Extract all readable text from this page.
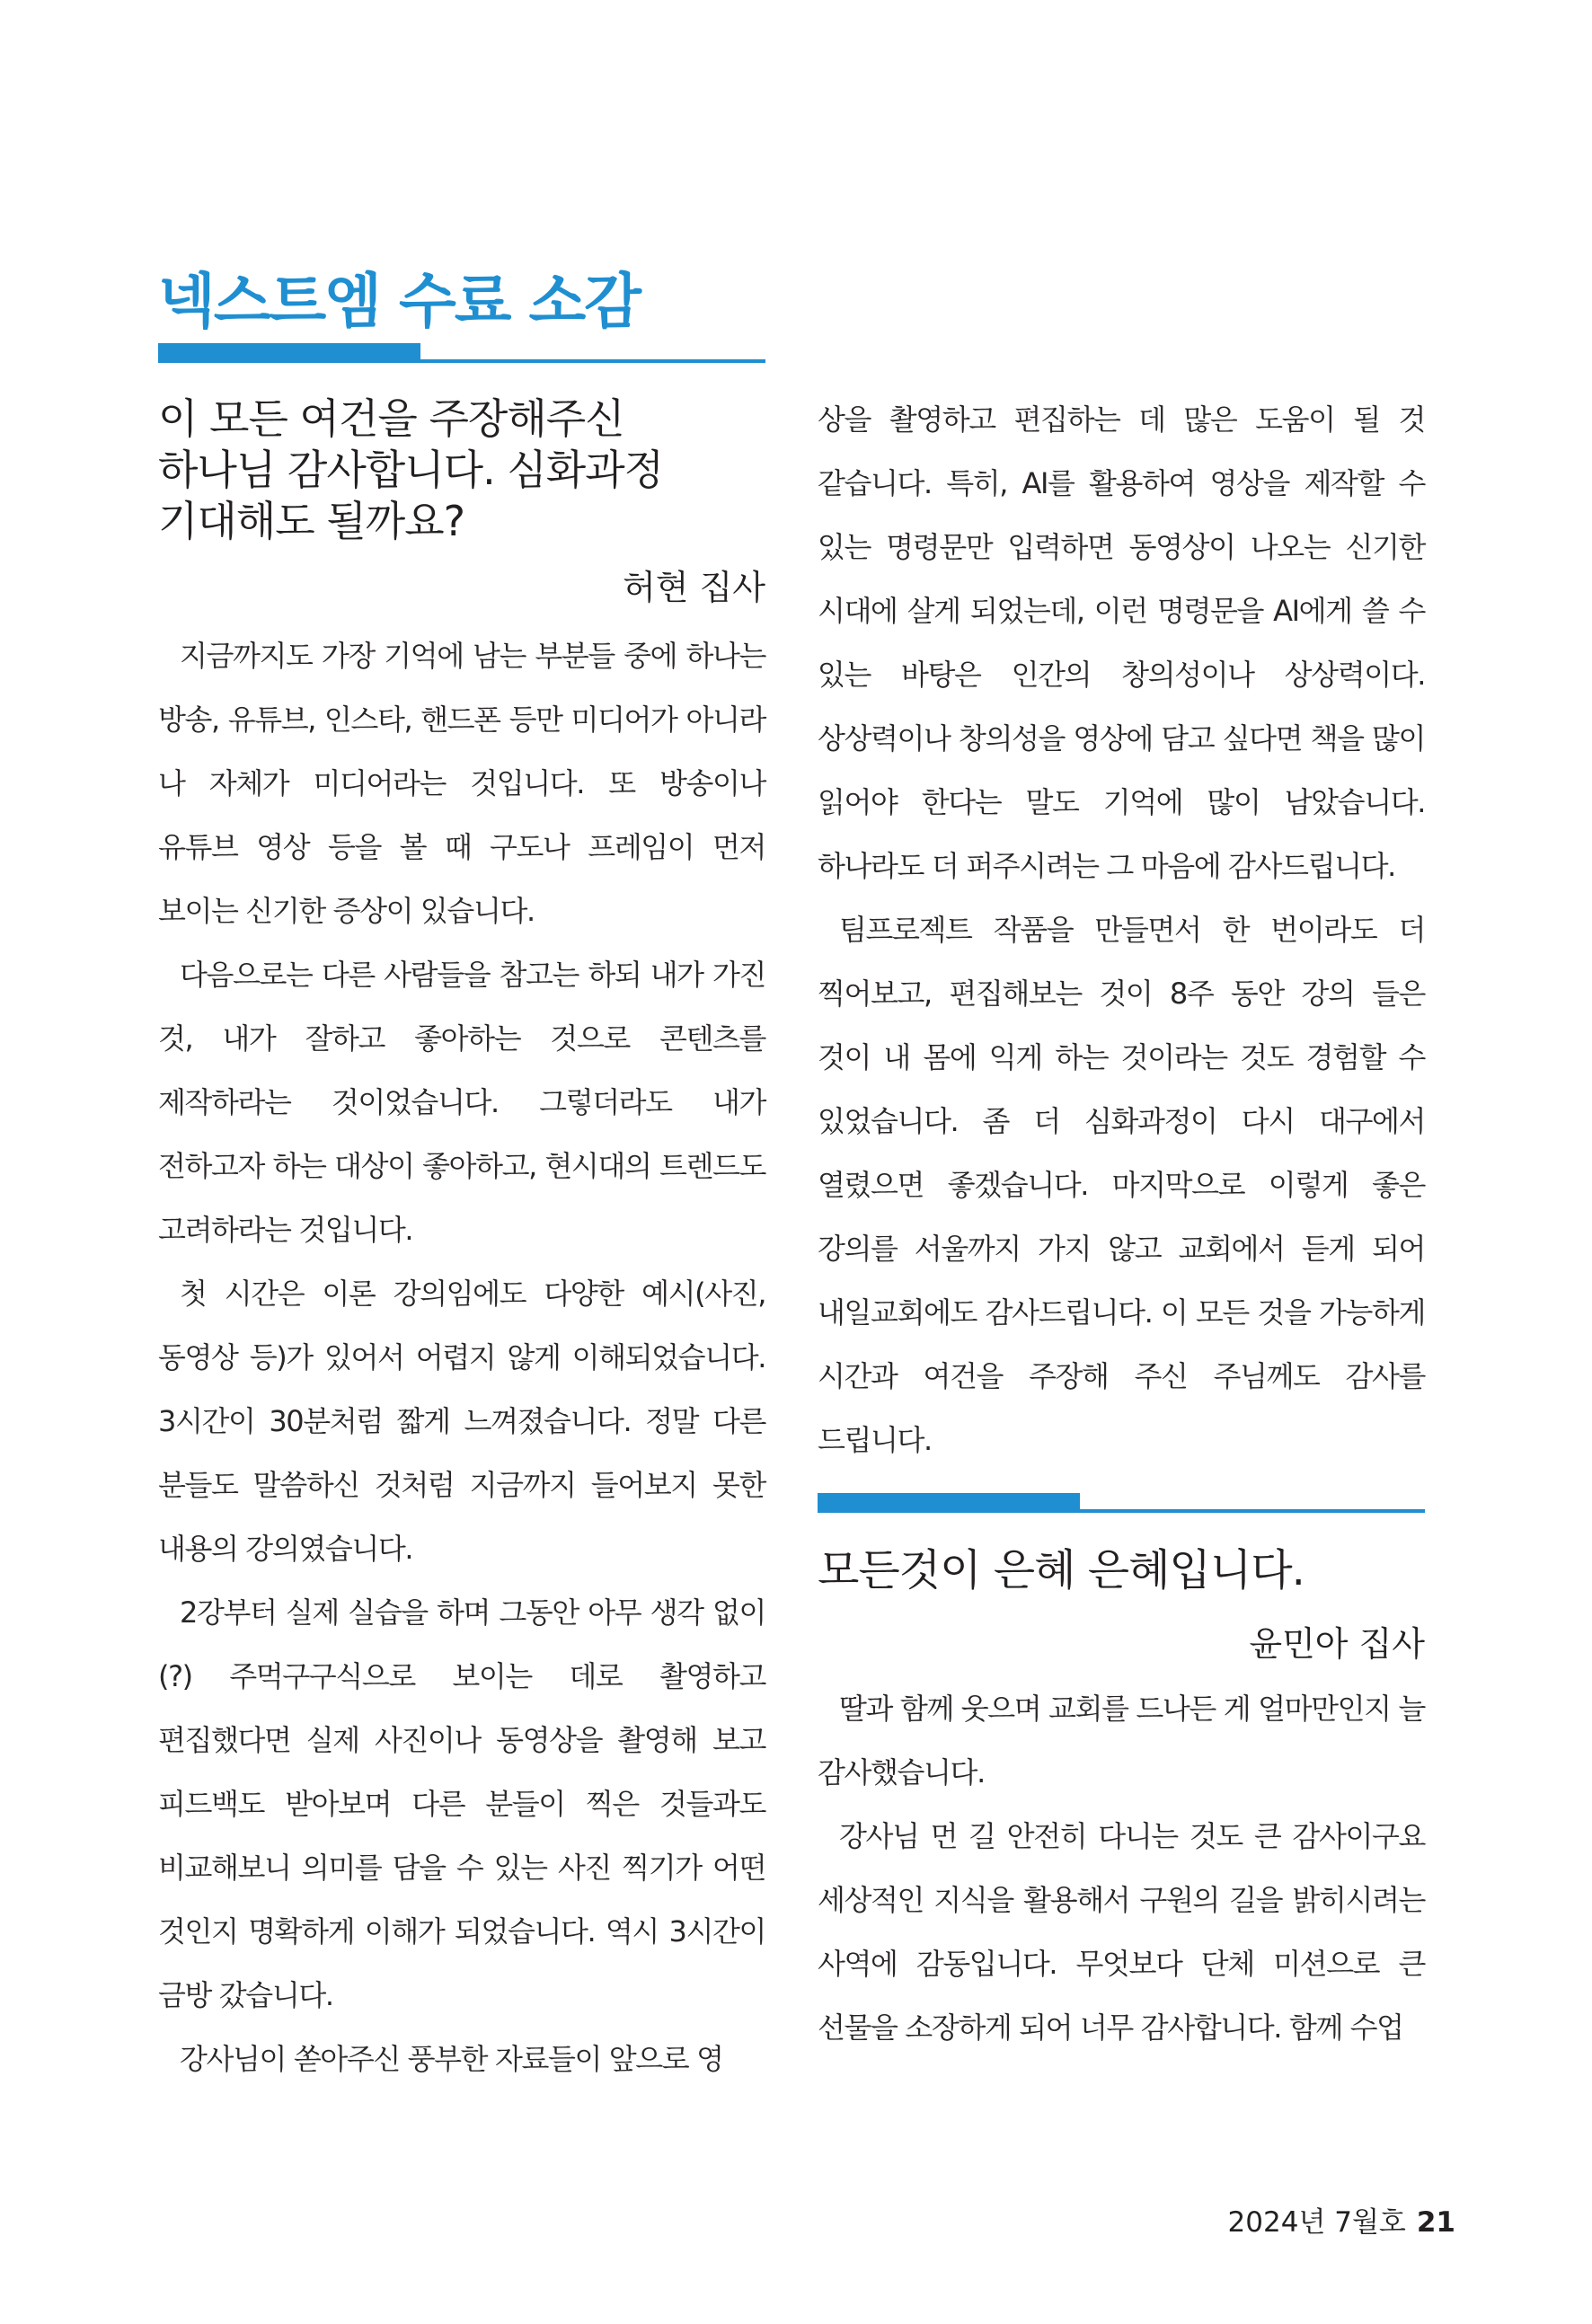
넥스트엠 수료 소감
이 모든 여건을 주장해주신
하나님 감사합니다. 심화과정
기대해도 될까요?

허현 집사

지금까지도 가장 기억에 남는 부분들 중에 하나는 방송, 유튜브, 인스타, 핸드폰 등만 미디어가 아니라 나 자체가 미디어라는 것입니다. 또 방송이나 유튜브 영상 등을 볼 때 구도나 프레임이 먼저 보이는 신기한 증상이 있습니다.

다음으로는 다른 사람들을 참고는 하되 내가 가진 것, 내가 잘하고 좋아하는 것으로 콘텐츠를 제작하라는 것이었습니다. 그렇더라도 내가 전하고자 하는 대상이 좋아하고, 현시대의 트렌드도 고려하라는 것입니다.

첫 시간은 이론 강의임에도 다양한 예시(사진, 동영상 등)가 있어서 어렵지 않게 이해되었습니다. 3시간이 30분처럼 짧게 느껴졌습니다. 정말 다른 분들도 말씀하신 것처럼 지금까지 들어보지 못한 내용의 강의였습니다.

2강부터 실제 실습을 하며 그동안 아무 생각 없이(?) 주먹구구식으로 보이는 데로 촬영하고 편집했다면 실제 사진이나 동영상을 촬영해 보고 피드백도 받아보며 다른 분들이 찍은 것들과도 비교해보니 의미를 담을 수 있는 사진 찍기가 어떤 것인지 명확하게 이해가 되었습니다. 역시 3시간이 금방 갔습니다.

강사님이 쏟아주신 풍부한 자료들이 앞으로 영

상을 촬영하고 편집하는 데 많은 도움이 될 것 같습니다. 특히, AI를 활용하여 영상을 제작할 수 있는 명령문만 입력하면 동영상이 나오는 신기한 시대에 살게 되었는데, 이런 명령문을 AI에게 쓸 수 있는 바탕은 인간의 창의성이나 상상력이다. 상상력이나 창의성을 영상에 담고 싶다면 책을 많이 읽어야 한다는 말도 기억에 많이 남았습니다. 하나라도 더 퍼주시려는 그 마음에 감사드립니다.

팀프로젝트 작품을 만들면서 한 번이라도 더 찍어보고, 편집해보는 것이 8주 동안 강의 들은 것이 내 몸에 익게 하는 것이라는 것도 경험할 수 있었습니다. 좀 더 심화과정이 다시 대구에서 열렸으면 좋겠습니다. 마지막으로 이렇게 좋은 강의를 서울까지 가지 않고 교회에서 듣게 되어 내일교회에도 감사드립니다. 이 모든 것을 가능하게 시간과 여건을 주장해 주신 주님께도 감사를 드립니다.

모든것이 은혜 은혜입니다.

윤민아 집사

딸과 함께 웃으며 교회를 드나든 게 얼마만인지 늘 감사했습니다.

강사님 먼 길 안전히 다니는 것도 큰 감사이구요 세상적인 지식을 활용해서 구원의 길을 밝히시려는 사역에 감동입니다. 무엇보다 단체 미션으로 큰 선물을 소장하게 되어 너무 감사합니다. 함께 수업

2024년 7월호 21
